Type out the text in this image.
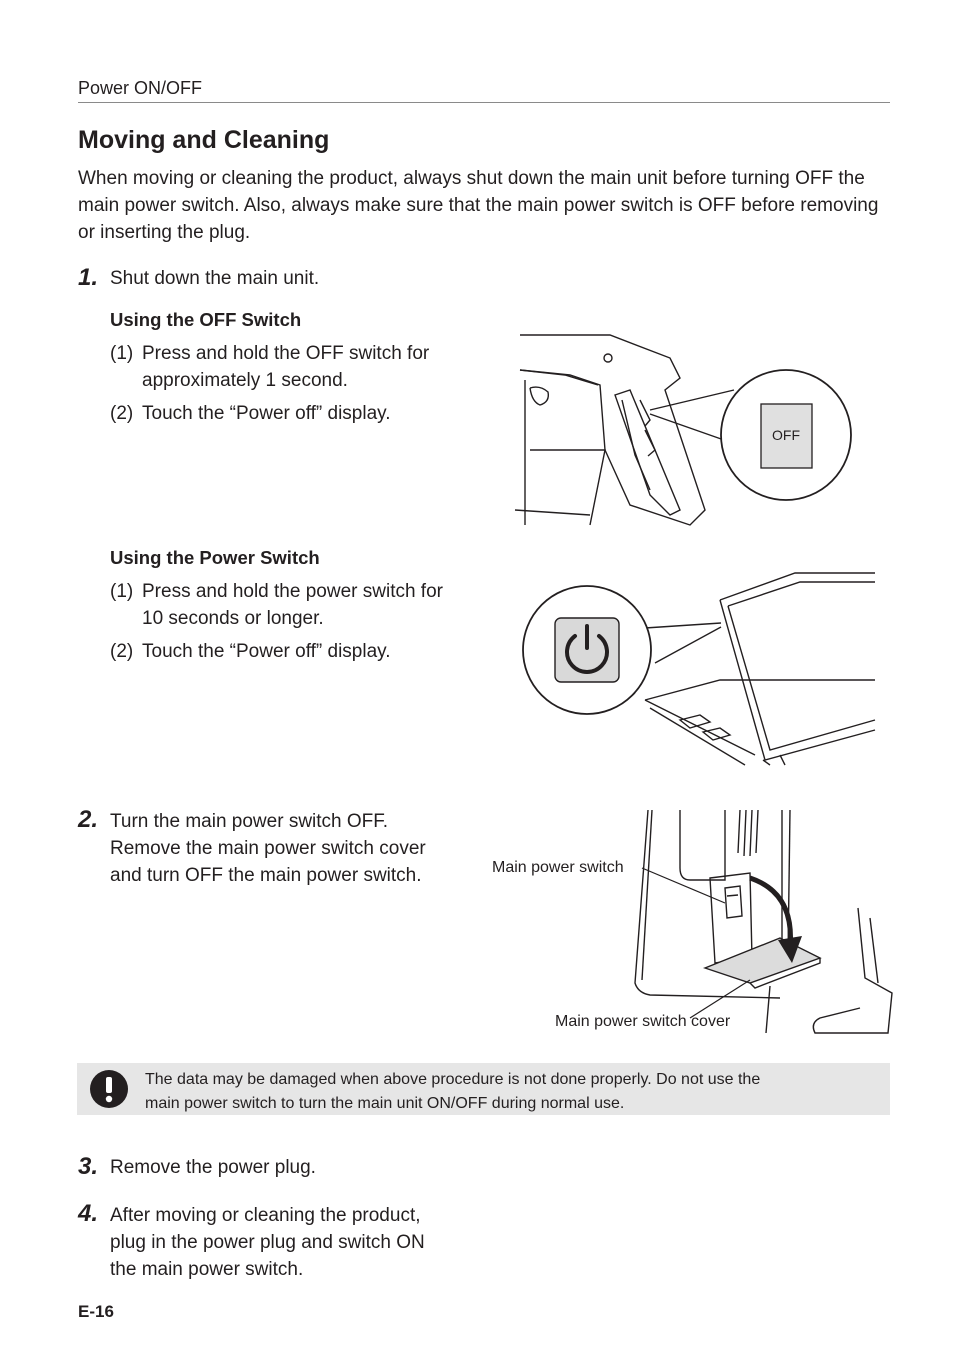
Power ON/OFF
Moving and Cleaning
When moving or cleaning the product, always shut down the main unit before turning OFF the main power switch. Also, always make sure that the main power switch is OFF before removing or inserting the plug.
1. Shut down the main unit.
Using the OFF Switch
(1) Press and hold the OFF switch for
approximately 1 second.
(2) Touch the “Power off” display.
OFF
Using the Power Switch
(1) Press and hold the power switch for
10 seconds or longer.
(2) Touch the “Power off” display.
2. Turn the main power switch OFF.
Remove the main power switch cover
and turn OFF the main power switch.	Main power switch
Main power switch cover
The data may be damaged when above procedure is not done properly. Do not use the
main power switch to turn the main unit ON/OFF during normal use.
3. Remove the power plug.
4. After moving or cleaning the product,
plug in the power plug and switch ON
the main power switch.
E-16
